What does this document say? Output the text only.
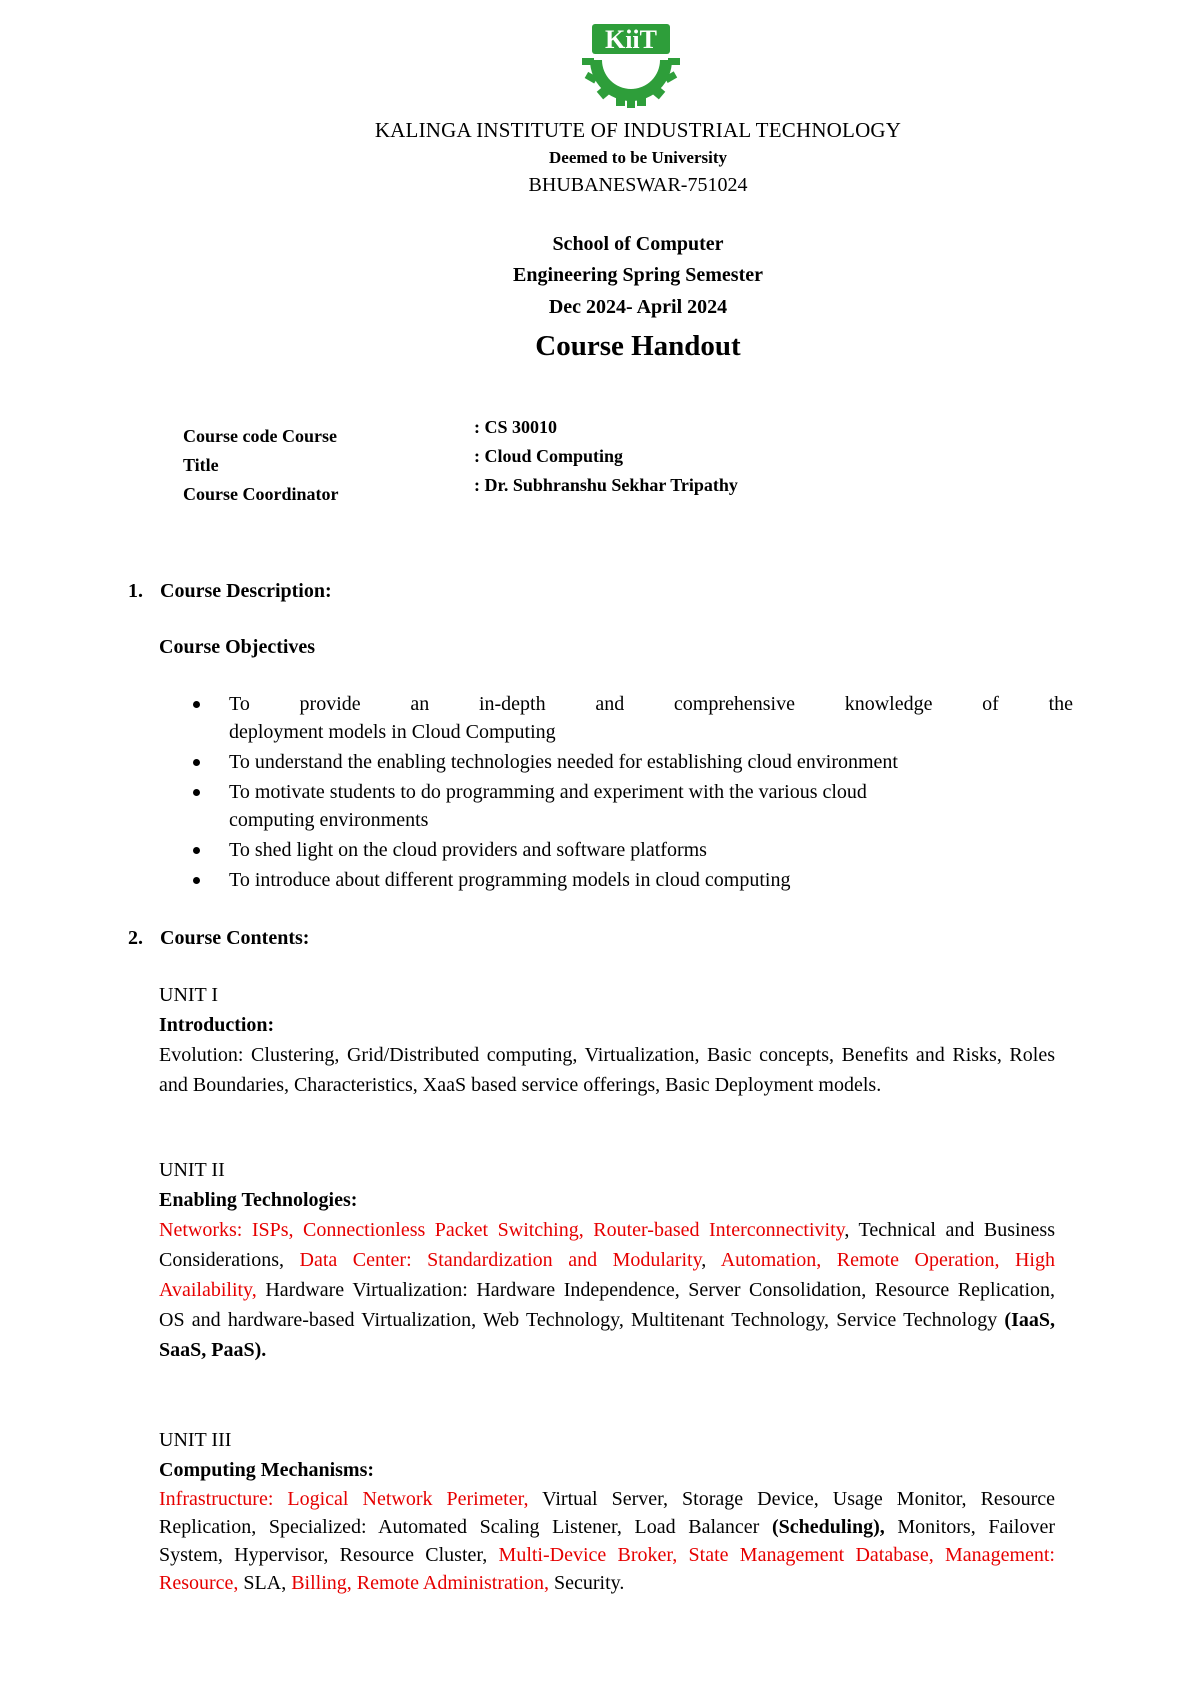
KiiT
KALINGA INSTITUTE OF INDUSTRIAL TECHNOLOGY
Deemed to be University
BHUBANESWAR-751024
School of Computer
Engineering Spring Semester
Dec 2024- April 2024
Course Handout
Course code Course
Title
Course Coordinator
: CS 30010
: Cloud Computing
: Dr. Subhranshu Sekhar Tripathy
1. Course Description:
Course Objectives
To provide an in-depth and comprehensive knowledge of the
deployment models in Cloud Computing
To understand the enabling technologies needed for establishing cloud environment
To motivate students to do programming and experiment with the various cloud
computing environments
To shed light on the cloud providers and software platforms
To introduce about different programming models in cloud computing
2. Course Contents:
UNIT I
Introduction:
Evolution: Clustering, Grid/Distributed computing, Virtualization, Basic concepts, Benefits and Risks, Roles and Boundaries, Characteristics, XaaS based service offerings, Basic Deployment models.
UNIT II
Enabling Technologies:
Networks: ISPs, Connectionless Packet Switching, Router-based Interconnectivity, Technical and Business Considerations, Data Center: Standardization and Modularity, Automation, Remote Operation, High Availability, Hardware Virtualization: Hardware Independence, Server Consolidation, Resource Replication, OS and hardware-based Virtualization, Web Technology, Multitenant Technology, Service Technology (IaaS, SaaS, PaaS).
UNIT III
Computing Mechanisms:
Infrastructure: Logical Network Perimeter, Virtual Server, Storage Device, Usage Monitor, Resource Replication, Specialized: Automated Scaling Listener, Load Balancer (Scheduling), Monitors, Failover System, Hypervisor, Resource Cluster, Multi-Device Broker, State Management Database, Management: Resource, SLA, Billing, Remote Administration, Security.
